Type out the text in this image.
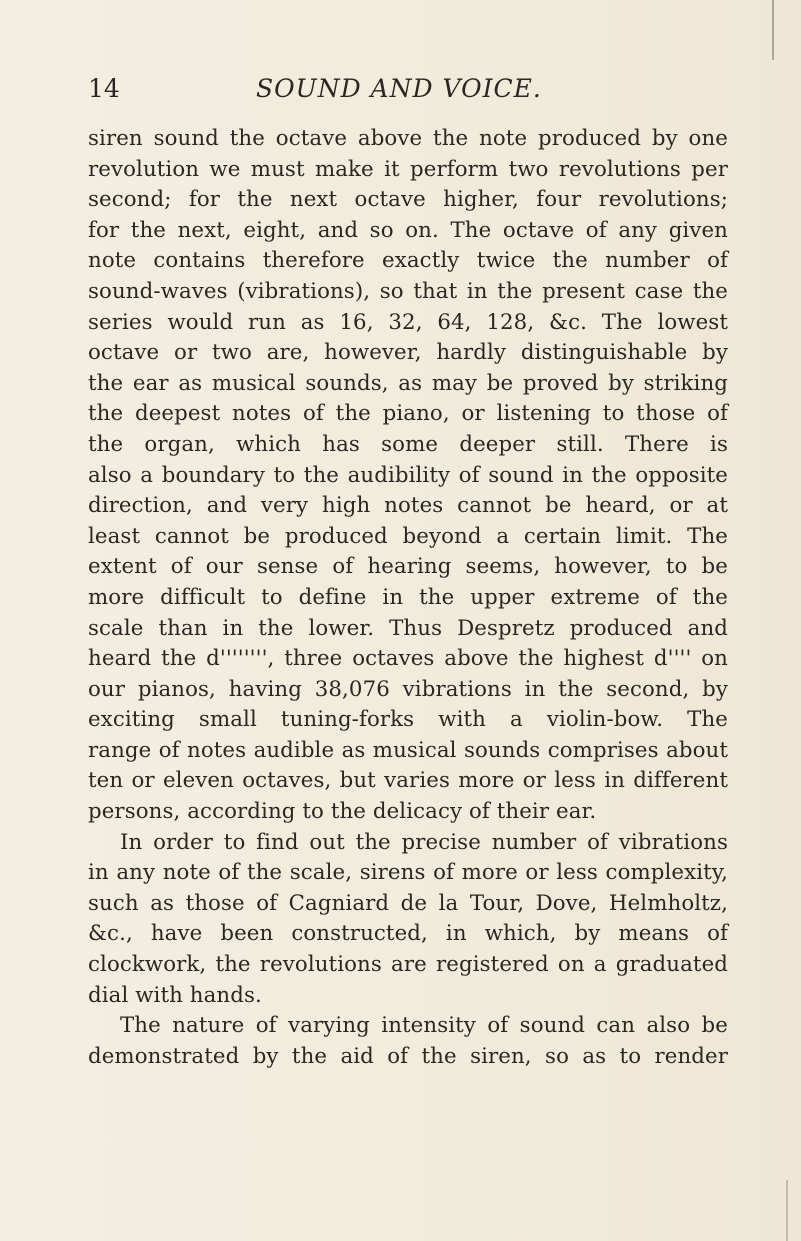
14	SOUND AND VOICE.
siren sound the octave above the note produced by one
revolution we must make it perform two revolutions per
second; for the next octave higher, four revolutions;
for the next, eight, and so on. The octave of any given
note contains therefore exactly twice the number of
sound-waves (vibrations), so that in the present case the
series would run as 16, 32, 64, 128, &c. The lowest
octave or two are, however, hardly distinguishable by
the ear as musical sounds, as may be proved by striking
the deepest notes of the piano, or listening to those of
the organ, which has some deeper still. There is
also a boundary to the audibility of sound in the opposite
direction, and very high notes cannot be heard, or at
least cannot be produced beyond a certain limit. The
extent of our sense of hearing seems, however, to be
more difficult to define in the upper extreme of the
scale than in the lower. Thus Despretz produced and
heard the d'''''''', three octaves above the highest d'''' on
our pianos, having 38,076 vibrations in the second, by
exciting small tuning-forks with a violin-bow. The
range of notes audible as musical sounds comprises about
ten or eleven octaves, but varies more or less in different
persons, according to the delicacy of their ear.
In order to find out the precise number of vibrations
in any note of the scale, sirens of more or less complexity,
such as those of Cagniard de la Tour, Dove, Helmholtz,
&c., have been constructed, in which, by means of
clockwork, the revolutions are registered on a graduated
dial with hands.
The nature of varying intensity of sound can also be
demonstrated by the aid of the siren, so as to render
